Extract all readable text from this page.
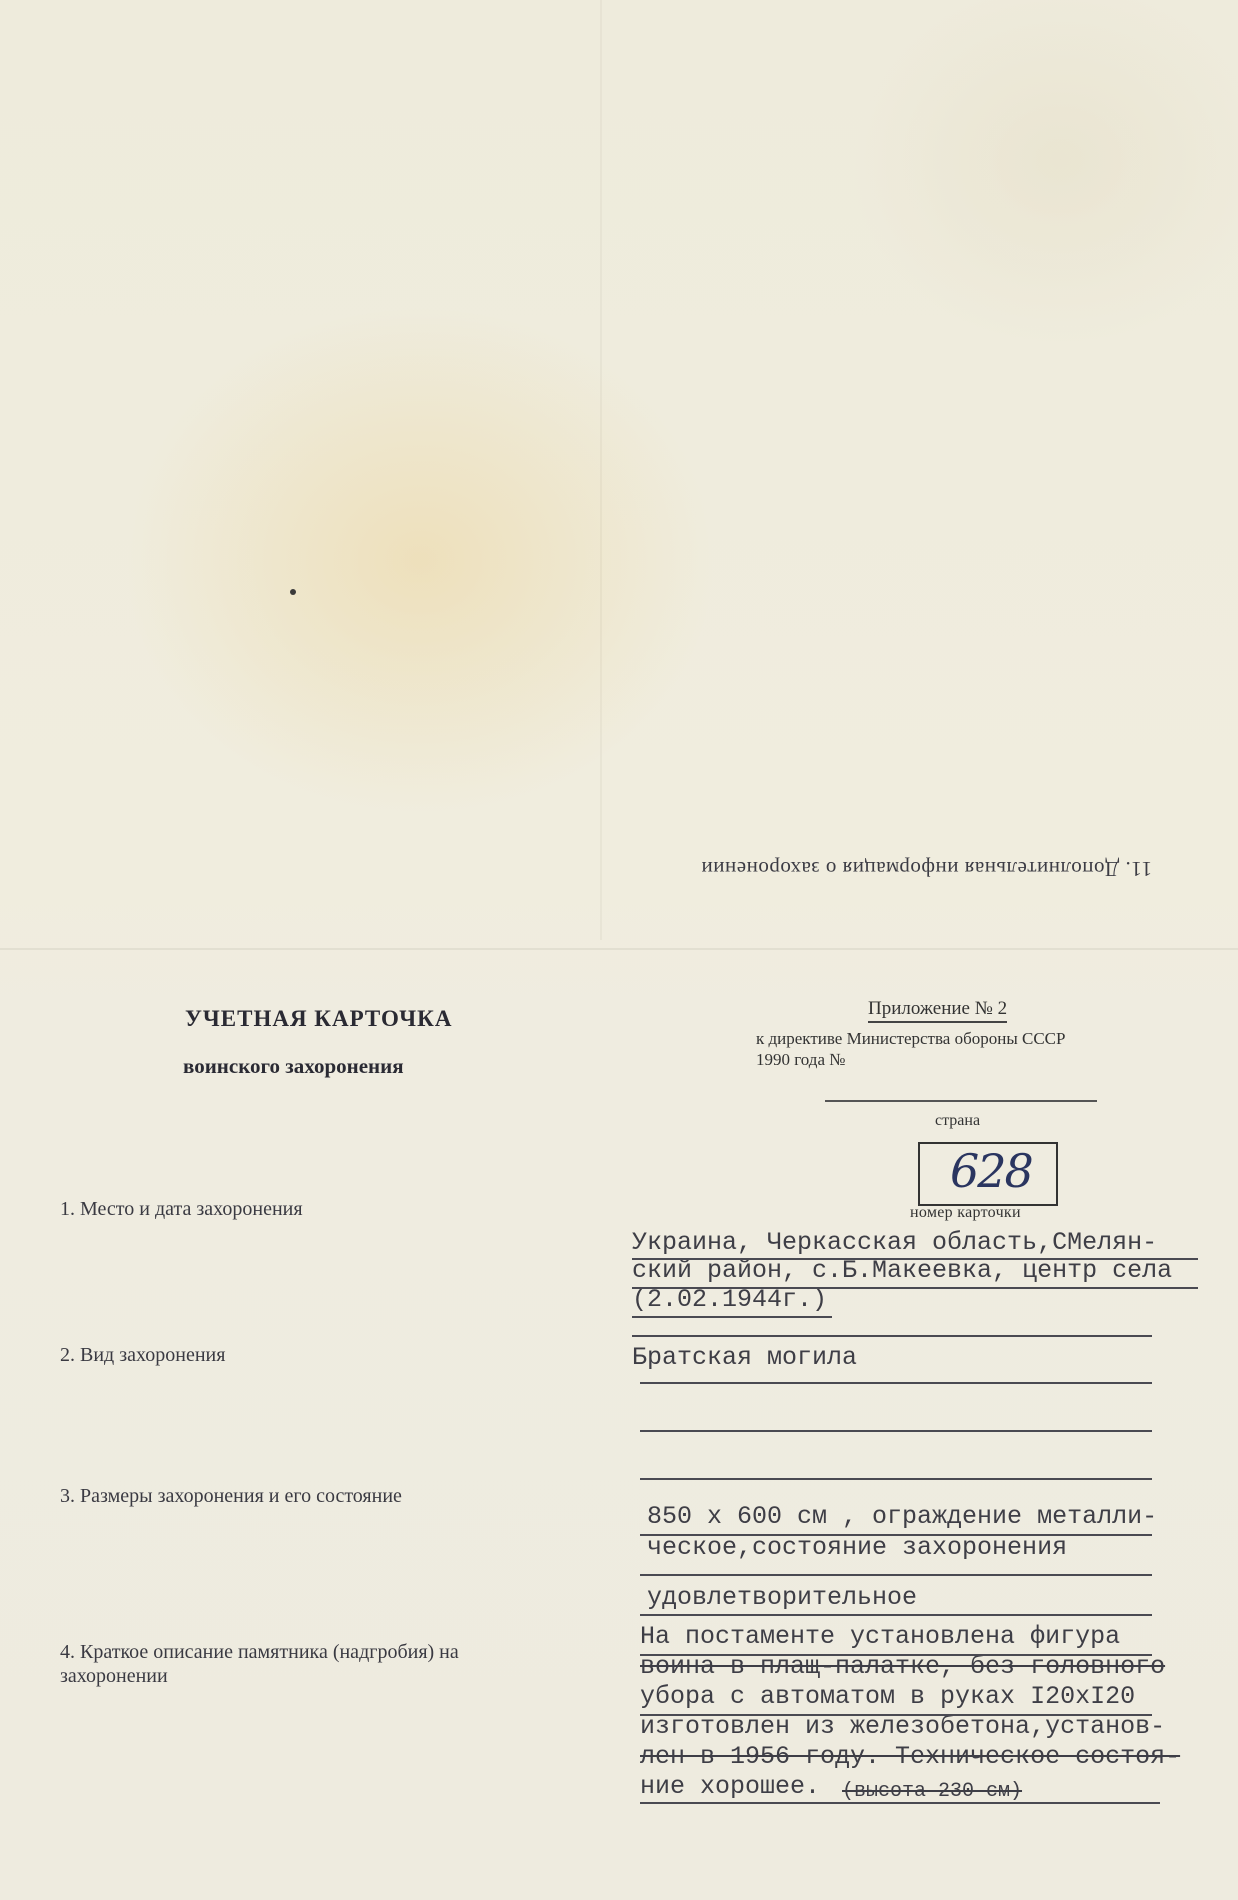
11. Дополнительная информация о захоронении
УЧЕТНАЯ КАРТОЧКА
воинского захоронения
Приложение № 2
к директиве Министерства обороны СССР
1990 года №
страна
628
номер карточки
1. Место и дата захоронения
Украина, Черкасская область,СМелян-
ский район, с.Б.Макеевка, центр села
(2.02.1944г.)
2. Вид захоронения	Братская могила
3. Размеры захоронения и его состояние
850 х 600 см , ограждение металли-
ческое,состояние захоронения
удовлетворительное
4. Краткое описание памятника (надгробия) на
захоронении
На постаменте установлена фигура
воина в плащ-палатке, без головного
убора с автоматом в руках I20хI20
изготовлен из железобетона,установ-
лен в 1956 году. Техническое состоя-
ние хорошее. (высота 230 см)
